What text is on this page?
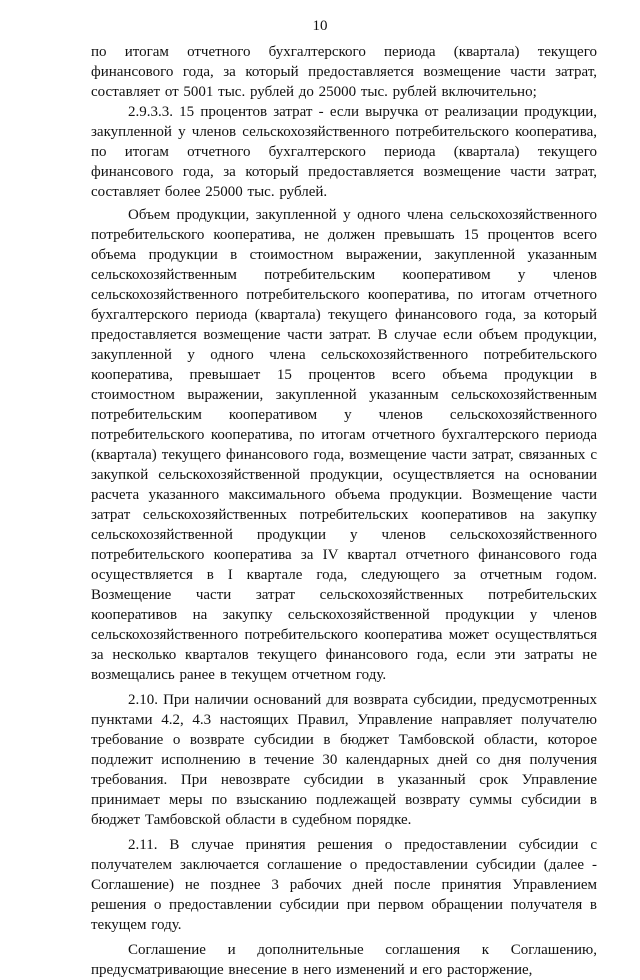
10

по итогам отчетного бухгалтерского периода (квартала) текущего финансового года, за который предоставляется возмещение части затрат, составляет от 5001 тыс. рублей до 25000 тыс. рублей включительно;

2.9.3.3. 15 процентов затрат - если выручка от реализации продукции, закупленной у членов сельскохозяйственного потребительского кооператива, по итогам отчетного бухгалтерского периода (квартала) текущего финансового года, за который предоставляется возмещение части затрат, составляет более 25000 тыс. рублей.

Объем продукции, закупленной у одного члена сельскохозяйственного потребительского кооператива, не должен превышать 15 процентов всего объема продукции в стоимостном выражении, закупленной указанным сельскохозяйственным потребительским кооперативом у членов сельскохозяйственного потребительского кооператива, по итогам отчетного бухгалтерского периода (квартала) текущего финансового года, за который предоставляется возмещение части затрат. В случае если объем продукции, закупленной у одного члена сельскохозяйственного потребительского кооператива, превышает 15 процентов всего объема продукции в стоимостном выражении, закупленной указанным сельскохозяйственным потребительским кооперативом у членов сельскохозяйственного потребительского кооператива, по итогам отчетного бухгалтерского периода (квартала) текущего финансового года, возмещение части затрат, связанных с закупкой сельскохозяйственной продукции, осуществляется на основании расчета указанного максимального объема продукции. Возмещение части затрат сельскохозяйственных потребительских кооперативов на закупку сельскохозяйственной продукции у членов сельскохозяйственного потребительского кооператива за IV квартал отчетного финансового года осуществляется в I квартале года, следующего за отчетным годом. Возмещение части затрат сельскохозяйственных потребительских кооперативов на закупку сельскохозяйственной продукции у членов сельскохозяйственного потребительского кооператива может осуществляться за несколько кварталов текущего финансового года, если эти затраты не возмещались ранее в текущем отчетном году.

2.10. При наличии оснований для возврата субсидии, предусмотренных пунктами 4.2, 4.3 настоящих Правил, Управление направляет получателю требование о возврате субсидии в бюджет Тамбовской области, которое подлежит исполнению в течение 30 календарных дней со дня получения требования. При невозврате субсидии в указанный срок Управление принимает меры по взысканию подлежащей возврату суммы субсидии в бюджет Тамбовской области в судебном порядке.

2.11. В случае принятия решения о предоставлении субсидии с получателем заключается соглашение о предоставлении субсидии (далее - Соглашение) не позднее 3 рабочих дней после принятия Управлением решения о предоставлении субсидии при первом обращении получателя в текущем году.

Соглашение и дополнительные соглашения к Соглашению, предусматривающие внесение в него изменений и его расторжение,
